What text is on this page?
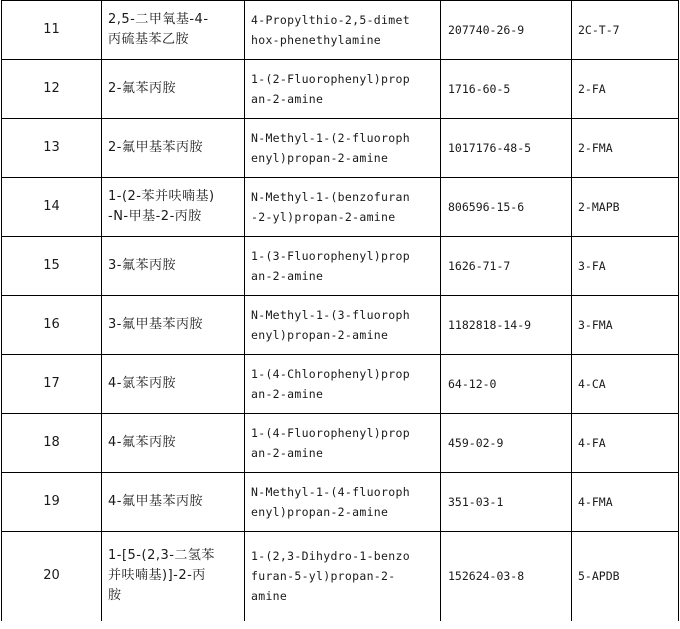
11	2,5-二甲氧基-4-
丙硫基苯乙胺	4-Propylthio-2,5-dimet
hox-phenethylamine	207740-26-9	2C-T-7
12	2-氟苯丙胺	1-(2-Fluorophenyl)prop
an-2-amine	1716-60-5	2-FA
13	2-氟甲基苯丙胺	N-Methyl-1-(2-fluoroph
enyl)propan-2-amine	1017176-48-5	2-FMA
14	1-(2-苯并呋喃基)
-N-甲基-2-丙胺	N-Methyl-1-(benzofuran
-2-yl)propan-2-amine	806596-15-6	2-MAPB
15	3-氟苯丙胺	1-(3-Fluorophenyl)prop
an-2-amine	1626-71-7	3-FA
16	3-氟甲基苯丙胺	N-Methyl-1-(3-fluoroph
enyl)propan-2-amine	1182818-14-9	3-FMA
17	4-氯苯丙胺	1-(4-Chlorophenyl)prop
an-2-amine	64-12-0	4-CA
18	4-氟苯丙胺	1-(4-Fluorophenyl)prop
an-2-amine	459-02-9	4-FA
19	4-氟甲基苯丙胺	N-Methyl-1-(4-fluoroph
enyl)propan-2-amine	351-03-1	4-FMA
20	1-[5-(2,3-二氢苯
并呋喃基)]-2-丙
胺	1-(2,3-Dihydro-1-benzo
furan-5-yl)propan-2-
amine	152624-03-8	5-APDB
